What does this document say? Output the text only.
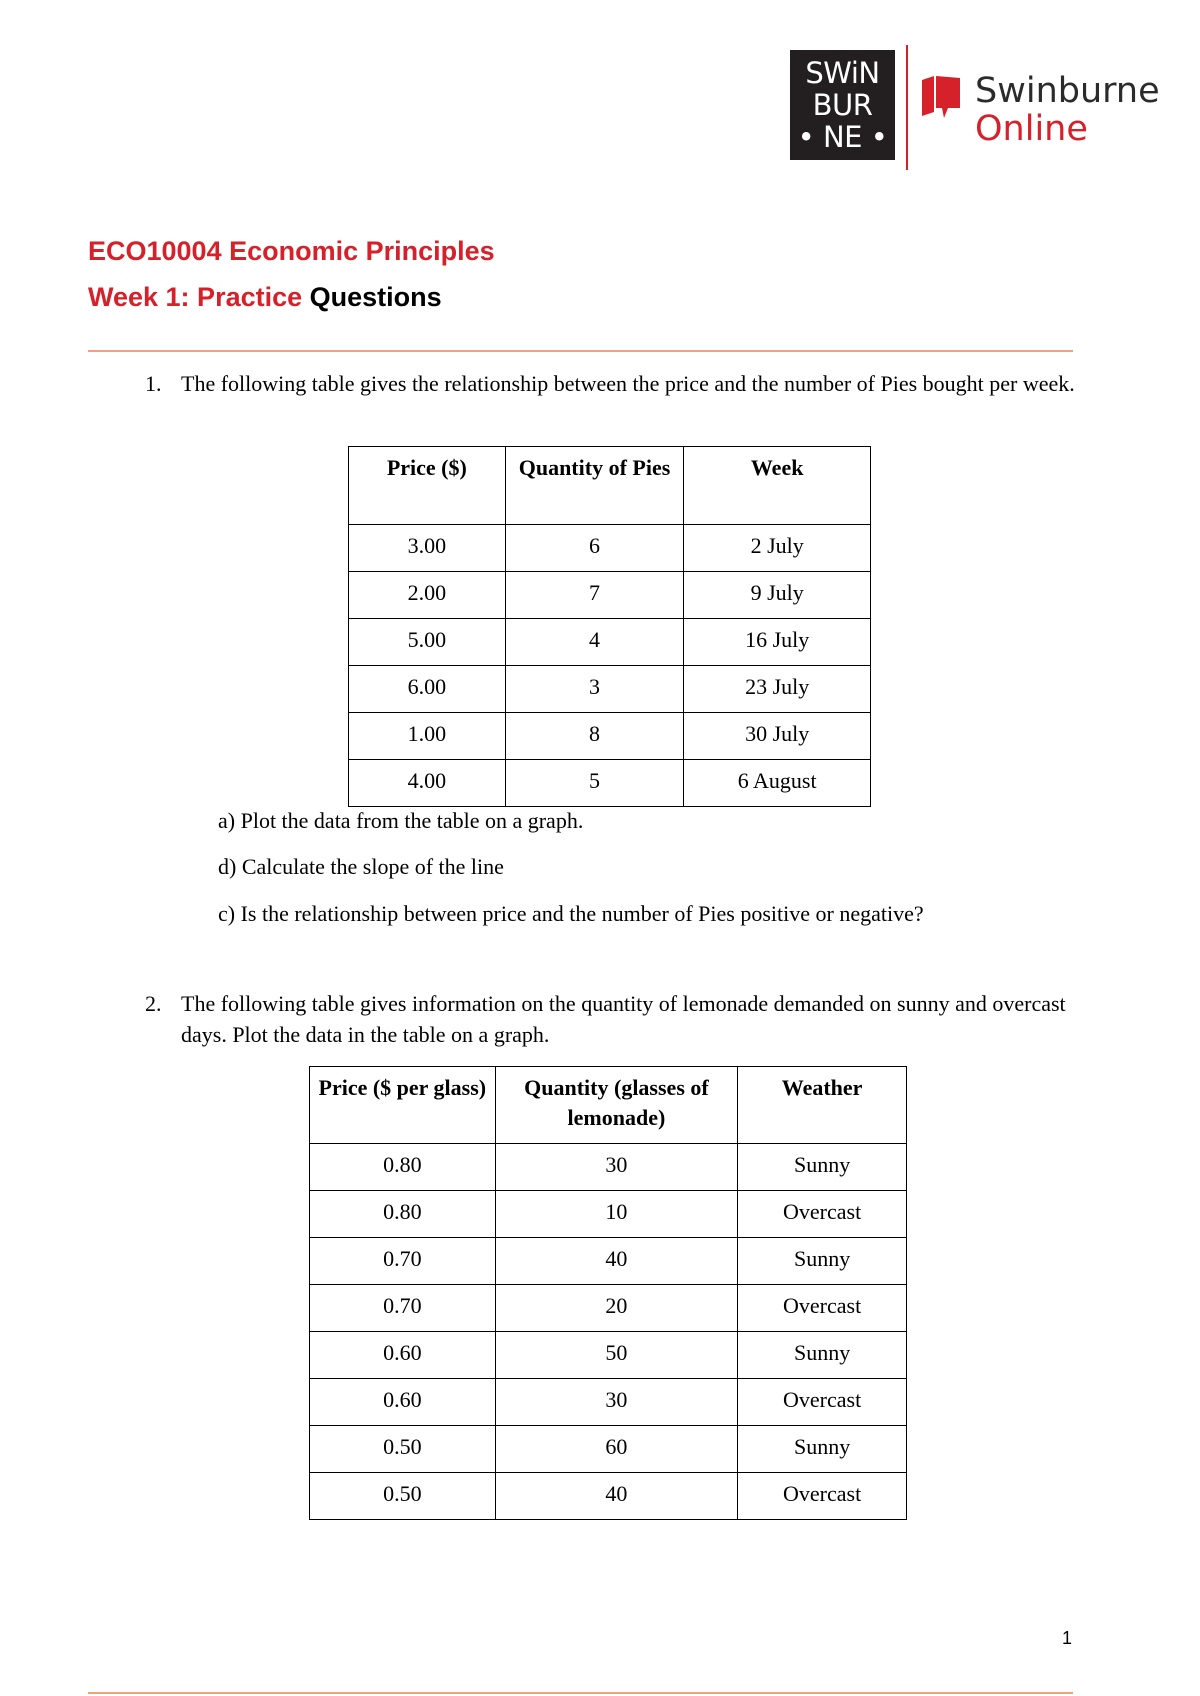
SWiN
BUR
• NE •
Swinburne
Online
ECO10004 Economic Principles
Week 1: Practice Questions
1. The following table gives the relationship between the price and the number of Pies bought per week.
Price ($)	Quantity of Pies	Week
3.00	6	2 July
2.00	7	9 July
5.00	4	16 July
6.00	3	23 July
1.00	8	30 July
4.00	5	6 August
a) Plot the data from the table on a graph.
d) Calculate the slope of the line
c) Is the relationship between price and the number of Pies positive or negative?
2. The following table gives information on the quantity of lemonade demanded on sunny and overcast days. Plot the data in the table on a graph.
Price ($ per glass)	Quantity (glasses of lemonade)	Weather
0.80	30	Sunny
0.80	10	Overcast
0.70	40	Sunny
0.70	20	Overcast
0.60	50	Sunny
0.60	30	Overcast
0.50	60	Sunny
0.50	40	Overcast
1
